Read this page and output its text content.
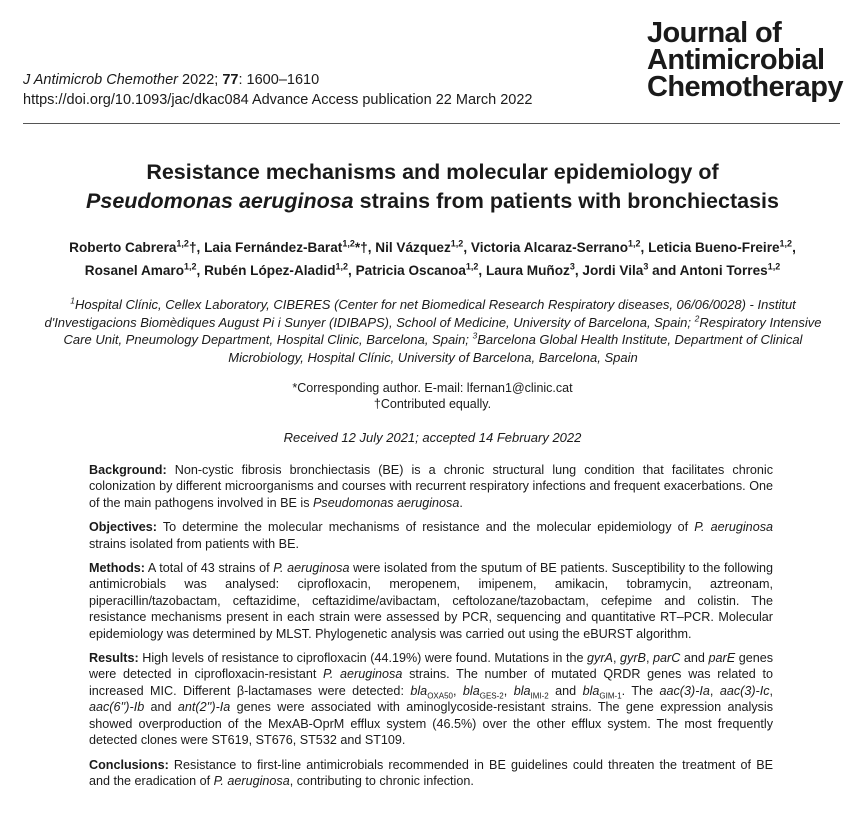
J Antimicrob Chemother 2022; 77: 1600–1610
https://doi.org/10.1093/jac/dkac084 Advance Access publication 22 March 2022
Journal of
Antimicrobial
Chemotherapy
Resistance mechanisms and molecular epidemiology of
Pseudomonas aeruginosa strains from patients with bronchiectasis
Roberto Cabrera$^{1,2}$†, Laia Fernández-Barat$^{1,2}$*†, Nil Vázquez$^{1,2}$, Victoria Alcaraz-Serrano$^{1,2}$, Leticia Bueno-Freire$^{1,2}$,
Rosanel Amaro$^{1,2}$, Rubén López-Aladid$^{1,2}$, Patricia Oscanoa$^{1,2}$, Laura Muñoz$^3$, Jordi Vila$^3$ and Antoni Torres$^{1,2}$
$^1$Hospital Clínic, Cellex Laboratory, CIBERES (Center for net Biomedical Research Respiratory diseases, 06/06/0028) - Institut d'Investigacions Biomèdiques August Pi i Sunyer (IDIBAPS), School of Medicine, University of Barcelona, Spain; $^2$Respiratory Intensive Care Unit, Pneumology Department, Hospital Clinic, Barcelona, Spain; $^3$Barcelona Global Health Institute, Department of Clinical Microbiology, Hospital Clínic, University of Barcelona, Barcelona, Spain
*Corresponding author. E-mail: lfernan1@clinic.cat
†Contributed equally.
Received 12 July 2021; accepted 14 February 2022

Background: Non-cystic fibrosis bronchiectasis (BE) is a chronic structural lung condition that facilitates chronic colonization by different microorganisms and courses with recurrent respiratory infections and frequent exacerbations. One of the main pathogens involved in BE is Pseudomonas aeruginosa.

Objectives: To determine the molecular mechanisms of resistance and the molecular epidemiology of P. aeruginosa strains isolated from patients with BE.

Methods: A total of 43 strains of P. aeruginosa were isolated from the sputum of BE patients. Susceptibility to the following antimicrobials was analysed: ciprofloxacin, meropenem, imipenem, amikacin, tobramycin, aztreonam, piperacillin/tazobactam, ceftazidime, ceftazidime/avibactam, ceftolozane/tazobactam, cefepime and colistin. The resistance mechanisms present in each strain were assessed by PCR, sequencing and quantitative RT–PCR. Molecular epidemiology was determined by MLST. Phylogenetic analysis was carried out using the eBURST algorithm.

Results: High levels of resistance to ciprofloxacin (44.19%) were found. Mutations in the gyrA, gyrB, parC and parE genes were detected in ciprofloxacin-resistant P. aeruginosa strains. The number of mutated QRDR genes was related to increased MIC. Different β-lactamases were detected: bla$_{OXA50}$, bla$_{GES-2}$, bla$_{IMI-2}$ and bla$_{GIM-1}$. The aac(3)-Ia, aac(3)-Ic, aac(6'')-Ib and ant(2'')-Ia genes were associated with aminoglycoside-resistant strains. The gene expression analysis showed overproduction of the MexAB-OprM efflux system (46.5%) over the other efflux system. The most frequently detected clones were ST619, ST676, ST532 and ST109.

Conclusions: Resistance to first-line antimicrobials recommended in BE guidelines could threaten the treatment of BE and the eradication of P. aeruginosa, contributing to chronic infection.
